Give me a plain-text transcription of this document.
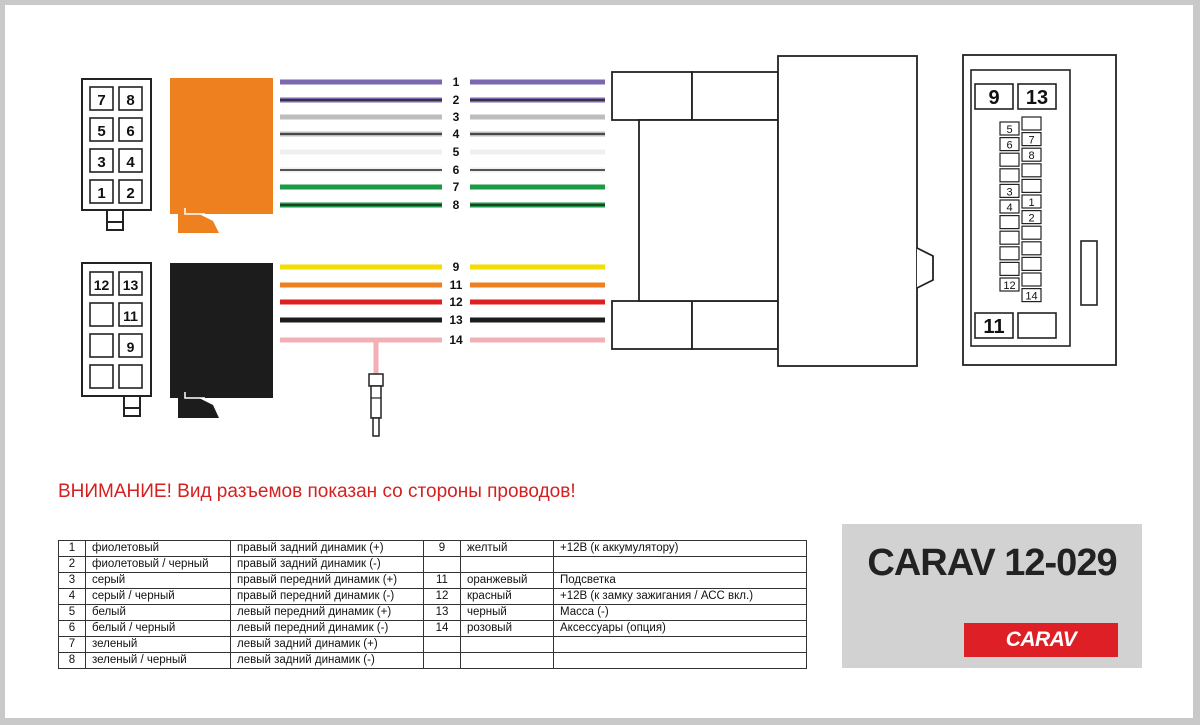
7 8
5 6
3 4
1 2
12 13
11
9
1
2
3
4
5
6
7
8
9
11
12
13
14
9 13
11
5
6
3
4
12
7
8
1
2
14
ВНИМАНИЕ! Вид разъемов показан со стороны проводов!
1	фиолетовый	правый задний динамик (+)	9	желтый	+12В (к аккумулятору)
2	фиолетовый / черный	правый задний динамик (-)			
3	серый	правый передний динамик (+)	11	оранжевый	Подсветка
4	серый / черный	правый передний динамик (-)	12	красный	+12В (к замку зажигания / АСС вкл.)
5	белый	левый передний динамик (+)	13	черный	Масса (-)
6	белый / черный	левый передний динамик (-)	14	розовый	Аксессуары (опция)
7	зеленый	левый задний динамик (+)			
8	зеленый / черный	левый задний динамик (-)			
CARAV 12-029
CARAV
